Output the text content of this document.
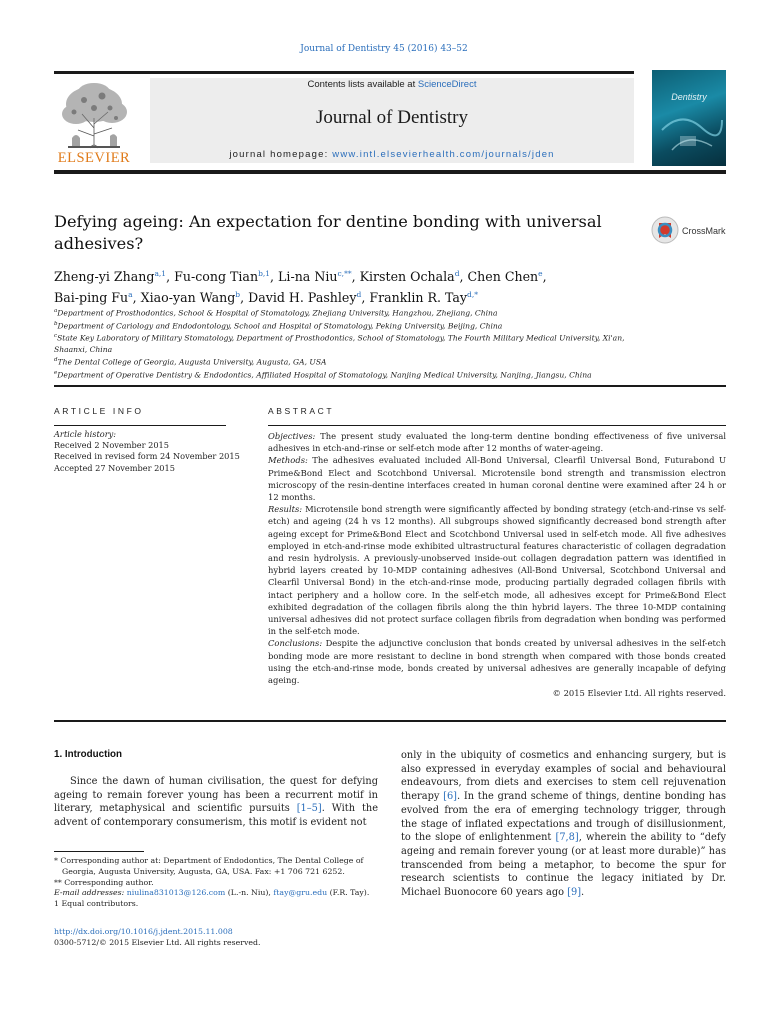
Journal of Dentistry 45 (2016) 43–52
ELSEVIER
Contents lists available at ScienceDirect
Journal of Dentistry
journal homepage: www.intl.elsevierhealth.com/journals/jden
Dentistry
Defying ageing: An expectation for dentine bonding with universal adhesives?
CrossMark
Zheng-yi Zhang$^{a,1}$, Fu-cong Tian$^{b,1}$, Li-na Niu$^{c,**}$, Kirsten Ochala$^d$, Chen Chen$^e$,
Bai-ping Fu$^a$, Xiao-yan Wang$^b$, David H. Pashley$^d$, Franklin R. Tay$^{d,*}$
$^a$Department of Prosthodontics, School & Hospital of Stomatology, Zhejiang University, Hangzhou, Zhejiang, China
$^b$Department of Cariology and Endodontology, School and Hospital of Stomatology, Peking University, Beijing, China
$^c$State Key Laboratory of Military Stomatology, Department of Prosthodontics, School of Stomatology, The Fourth Military Medical University, Xi'an, Shaanxi, China
$^d$The Dental College of Georgia, Augusta University, Augusta, GA, USA
$^e$Department of Operative Dentistry & Endodontics, Affiliated Hospital of Stomatology, Nanjing Medical University, Nanjing, Jiangsu, China
ARTICLE INFO
Article history:
Received 2 November 2015
Received in revised form 24 November 2015
Accepted 27 November 2015
ABSTRACT

Objectives: The present study evaluated the long-term dentine bonding effectiveness of five universal adhesives in etch-and-rinse or self-etch mode after 12 months of water-ageing.

Methods: The adhesives evaluated included All-Bond Universal, Clearfil Universal Bond, Futurabond U Prime&Bond Elect and Scotchbond Universal. Microtensile bond strength and transmission electron microscopy of the resin-dentine interfaces created in human coronal dentine were examined after 24 h or 12 months.

Results: Microtensile bond strength were significantly affected by bonding strategy (etch-and-rinse vs self-etch) and ageing (24 h vs 12 months). All subgroups showed significantly decreased bond strength after ageing except for Prime&Bond Elect and Scotchbond Universal used in self-etch mode. All five adhesives employed in etch-and-rinse mode exhibited ultrastructural features characteristic of collagen degradation and resin hydrolysis. A previously-unobserved inside-out collagen degradation pattern was identified in hybrid layers created by 10-MDP containing adhesives (All-Bond Universal, Scotchbond Universal and Clearfil Universal Bond) in the etch-and-rinse mode, producing partially degraded collagen fibrils with intact periphery and a hollow core. In the self-etch mode, all adhesives except for Prime&Bond Elect exhibited degradation of the collagen fibrils along the thin hybrid layers. The three 10-MDP containing universal adhesives did not protect surface collagen fibrils from degradation when bonding was performed in the self-etch mode.

Conclusions: Despite the adjunctive conclusion that bonds created by universal adhesives in the self-etch bonding mode are more resistant to decline in bond strength when compared with those bonds created using the etch-and-rinse mode, bonds created by universal adhesives are generally incapable of defying ageing.

© 2015 Elsevier Ltd. All rights reserved.
1. Introduction
Since the dawn of human civilisation, the quest for defying ageing to remain forever young has been a recurrent motif in literary, metaphysical and scientific pursuits [1–5]. With the advent of contemporary consumerism, this motif is evident not
only in the ubiquity of cosmetics and enhancing surgery, but is also expressed in everyday examples of social and behavioural endeavours, from diets and exercises to stem cell rejuvenation therapy [6]. In the grand scheme of things, dentine bonding has evolved from the era of emerging technology trigger, through the stage of inflated expectations and trough of disillusionment, to the slope of enlightenment [7,8], wherein the ability to “defy ageing and remain forever young (or at least more durable)” has transcended from being a metaphor, to become the spur for research scientists to continue the legacy initiated by Dr. Michael Buonocore 60 years ago [9].
* Corresponding author at: Department of Endodontics, The Dental College of Georgia, Augusta University, Augusta, GA, USA. Fax: +1 706 721 6252.
** Corresponding author.
E-mail addresses: niulina831013@126.com (L.-n. Niu), ftay@gru.edu (F.R. Tay).
1 Equal contributors.
http://dx.doi.org/10.1016/j.jdent.2015.11.008
0300-5712/© 2015 Elsevier Ltd. All rights reserved.
